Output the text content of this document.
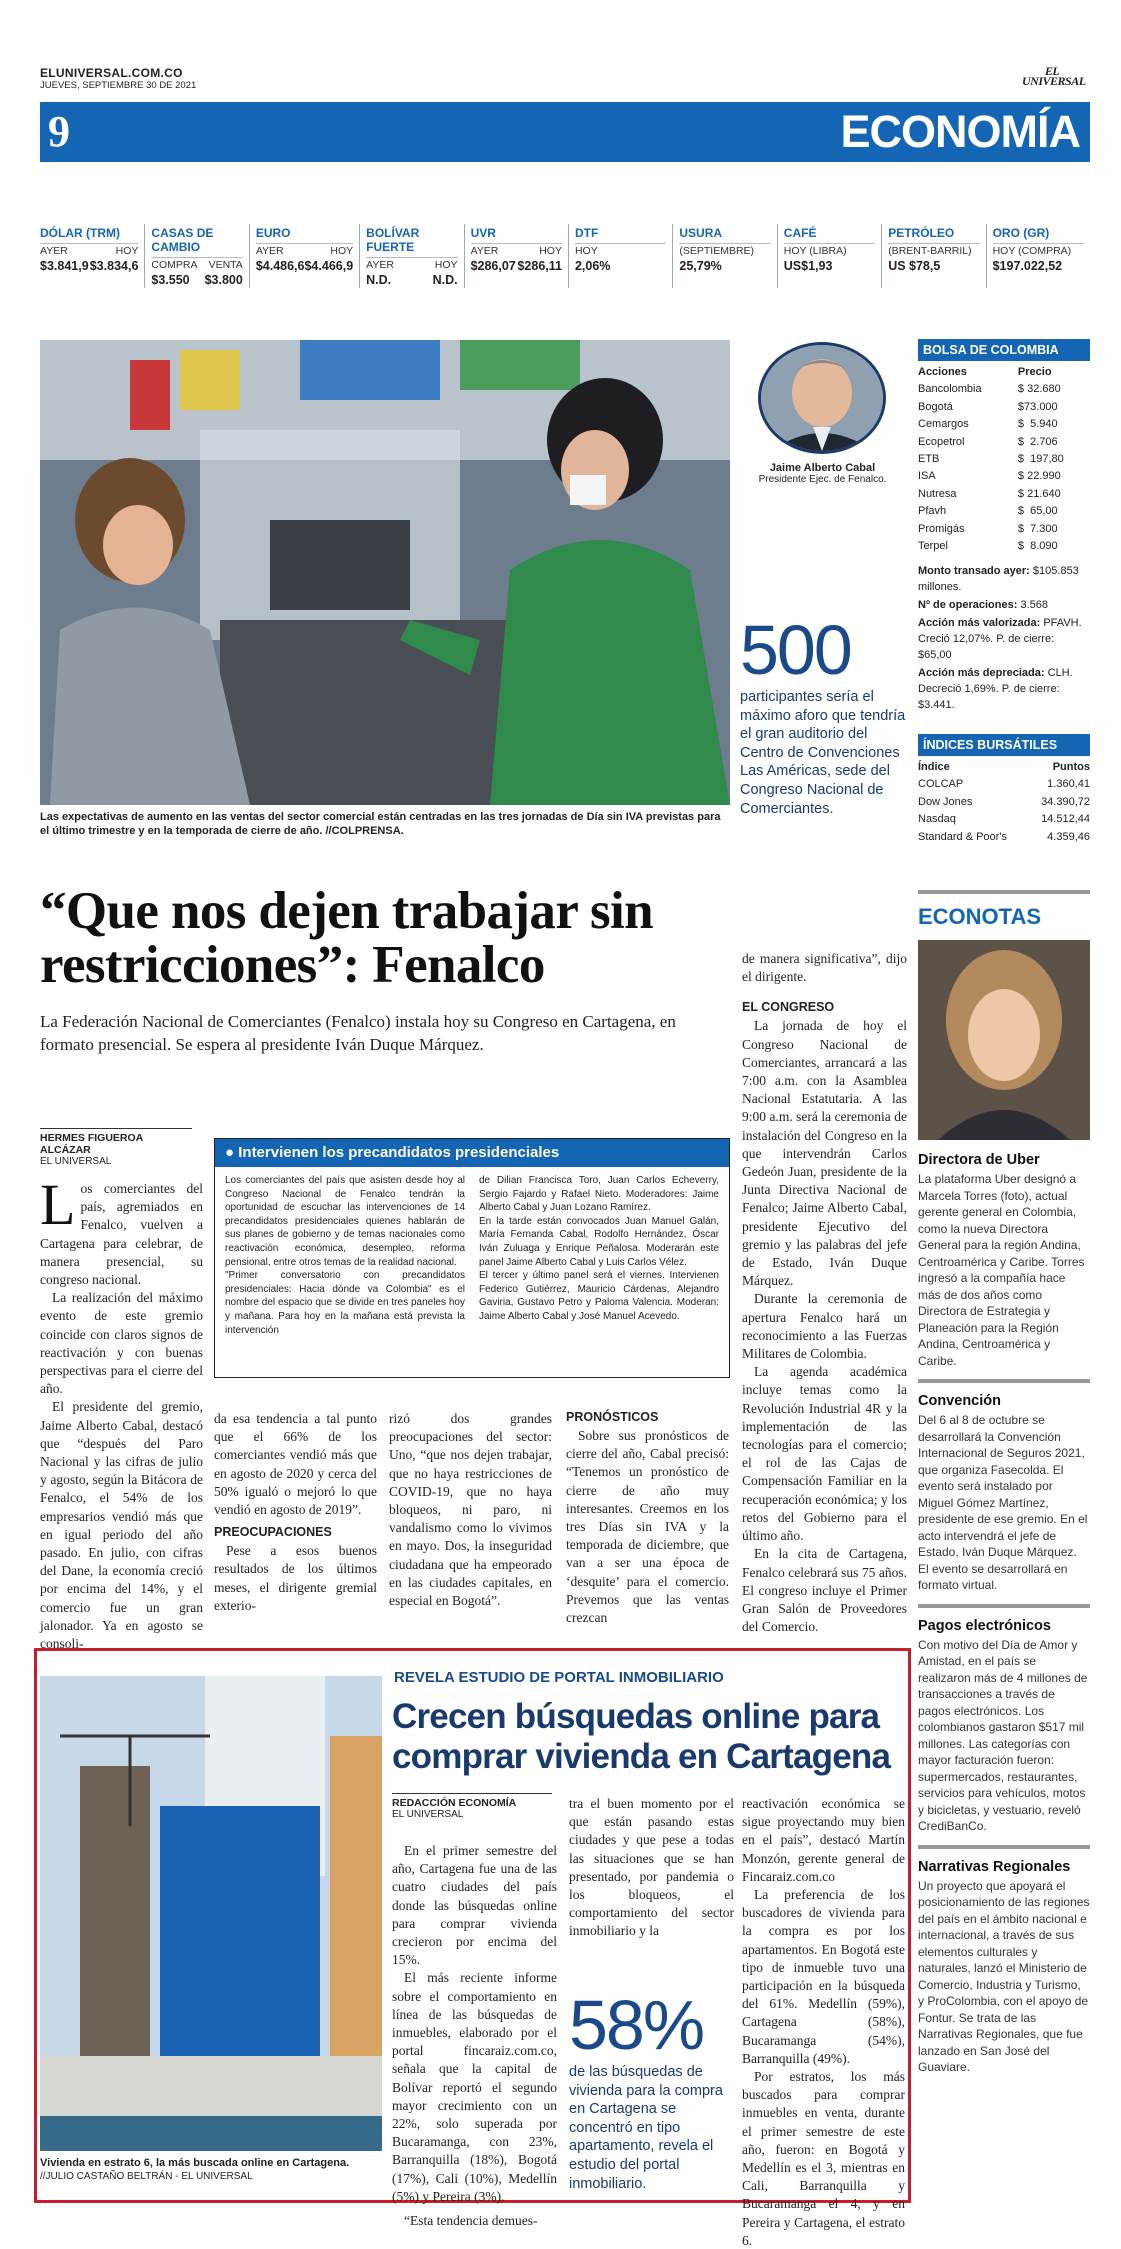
ELUNIVERSAL.COM.CO
JUEVES, SEPTIEMBRE 30 DE 2021
EL UNIVERSAL
9	ECONOMÍA
DÓLAR (TRM)
AYER	HOY
$3.841,9 $3.834,6
CASAS DE CAMBIO
COMPRA VENTA
$3.550 $3.800
EURO
AYER	HOY
$4.486,6 $4.466,9
BOLÍVAR FUERTE
AYER	HOY
N.D.	N.D.
UVR
AYER	HOY
$286,07 $286,11
DTF
HOY
2,06%
USURA
(SEPTIEMBRE)
25,79%
CAFÉ
HOY (LIBRA)
US$1,93
PETRÓLEO
(BRENT-BARRIL)
US $78,5
ORO (GR)
HOY (COMPRA)
$197.022,52
Las expectativas de aumento en las ventas del sector comercial están centradas en las tres jornadas de Día sin IVA previstas para el último trimestre y en la temporada de cierre de año. //COLPRENSA.
Jaime Alberto Cabal
Presidente Ejec. de Fenalco.
500
participantes sería el máximo aforo que tendría el gran auditorio del Centro de Convenciones Las Américas, sede del Congreso Nacional de Comerciantes.
BOLSA DE COLOMBIA
Acciones	Precio
Bancolombia	$ 32.680
Bogotá	$73.000
Cemargos	$  5.940
Ecopetrol	$  2.706
ETB	$  197,80
ISA	$ 22.990
Nutresa	$ 21.640
Pfavh	$  65,00
Promigás	$  7.300
Terpel	$  8.090
Monto transado ayer: $105.853 millones.
Nº de operaciones: 3.568
Acción más valorizada: PFAVH. Creció 12,07%. P. de cierre: $65,00
Acción más depreciada: CLH. Decreció 1,69%. P. de cierre: $3.441.
ÍNDICES BURSÁTILES
Índice	Puntos
COLCAP	1.360,41
Dow Jones	34.390,72
Nasdaq	14.512,44
Standard & Poor's	4.359,46
ECONOTAS
Directora de Uber
La plataforma Uber designó a Marcela Torres (foto), actual gerente general en Colombia, como la nueva Directora General para la región Andina, Centroamérica y Caribe. Torres ingresó a la compañía hace más de dos años como Directora de Estrategia y Planeación para la Región Andina, Centroamérica y Caribe.
Convención
Del 6 al 8 de octubre se desarrollará la Convención Internacional de Seguros 2021, que organiza Fasecolda. El evento será instalado por Miguel Gómez Martínez, presidente de ese gremio. En el acto intervendrá el jefe de Estado, Iván Duque Márquez. El evento se desarrollará en formato virtual.
Pagos electrónicos
Con motivo del Día de Amor y Amistad, en el país se realizaron más de 4 millones de transacciones a través de pagos electrónicos. Los colombianos gastaron $517 mil millones. Las categorías con mayor facturación fueron: supermercados, restaurantes, servicios para vehículos, motos y bicicletas, y vestuario, reveló CrediBanCo.
Narrativas Regionales
Un proyecto que apoyará el posicionamiento de las regiones del país en el ámbito nacional e internacional, a través de sus elementos culturales y naturales, lanzó el Ministerio de Comercio, Industria y Turismo, y ProColombia, con el apoyo de Fontur. Se trata de las Narrativas Regionales, que fue lanzado en San José del Guaviare.
“Que nos dejen trabajar sin restricciones”: Fenalco
La Federación Nacional de Comerciantes (Fenalco) instala hoy su Congreso en Cartagena, en formato presencial. Se espera al presidente Iván Duque Márquez.
HERMES FIGUEROA ALCÁZAR
EL UNIVERSAL

Los comerciantes del país, agremiados en Fenalco, vuelven a Cartagena para celebrar, de manera presencial, su congreso nacional.

La realización del máximo evento de este gremio coincide con claros signos de reactivación y con buenas perspectivas para el cierre del año.

El presidente del gremio, Jaime Alberto Cabal, destacó que “después del Paro Nacional y las cifras de julio y agosto, según la Bitácora de Fenalco, el 54% de los empresarios vendió más que en igual periodo del año pasado. En julio, con cifras del Dane, la economía creció por encima del 14%, y el comercio fue un gran jalonador. Ya en agosto se consoli-

● Intervienen los precandidatos presidenciales
Los comerciantes del país que asisten desde hoy al Congreso Nacional de Fenalco tendrán la oportunidad de escuchar las intervenciones de 14 precandidatos presidenciales quienes hablarán de sus planes de gobierno y de temas nacionales como reactivación económica, desempleo, reforma pensional, entre otros temas de la realidad nacional.
"Primer conversatorio con precandidatos presidenciales: Hacia dónde va Colombia" es el nombre del espacio que se divide en tres paneles hoy y mañana. Para hoy en la mañana está prevista la intervención
de Dilian Francisca Toro, Juan Carlos Echeverry, Sergio Fajardo y Rafael Nieto. Moderadores: Jaime Alberto Cabal y Juan Lozano Ramírez.
En la tarde están convocados Juan Manuel Galán, María Fernanda Cabal, Rodolfo Hernández, Óscar Iván Zuluaga y Enrique Peñalosa. Moderarán este panel Jaime Alberto Cabal y Luis Carlos Vélez.
El tercer y último panel será el viernes. Intervienen Federico Gutiérrez, Mauricio Cárdenas, Alejandro Gaviria, Gustavo Petro y Paloma Valencia. Moderan: Jaime Alberto Cabal y José Manuel Acevedo.

da esa tendencia a tal punto que el 66% de los comerciantes vendió más que en agosto de 2020 y cerca del 50% igualó o mejoró lo que vendió en agosto de 2019”.

PREOCUPACIONES

Pese a esos buenos resultados de los últimos meses, el dirigente gremial exterio-

rizó dos grandes preocupaciones del sector: Uno, “que nos dejen trabajar, que no haya restricciones de COVID-19, que no haya bloqueos, ni paro, ni vandalismo como lo vivimos en mayo. Dos, la inseguridad ciudadana que ha empeorado en las ciudades capitales, en especial en Bogotá”.

PRONÓSTICOS

Sobre sus pronósticos de cierre del año, Cabal precisó: “Tenemos un pronóstico de cierre de año muy interesantes. Creemos en los tres Días sin IVA y la temporada de diciembre, que van a ser una época de ‘desquite’ para el comercio. Prevemos que las ventas crezcan

de manera significativa”, dijo el dirigente.

EL CONGRESO

La jornada de hoy el Congreso Nacional de Comerciantes, arrancará a las 7:00 a.m. con la Asamblea Nacional Estatutaria. A las 9:00 a.m. será la ceremonia de instalación del Congreso en la que intervendrán Carlos Gedeón Juan, presidente de la Junta Directiva Nacional de Fenalco; Jaime Alberto Cabal, presidente Ejecutivo del gremio y las palabras del jefe de Estado, Iván Duque Márquez.

Durante la ceremonia de apertura Fenalco hará un reconocimiento a las Fuerzas Militares de Colombia.

La agenda académica incluye temas como la Revolución Industrial 4R y la implementación de las tecnologías para el comercio; el rol de las Cajas de Compensación Familiar en la recuperación económica; y los retos del Gobierno para el último año.

En la cita de Cartagena, Fenalco celebrará sus 75 años. El congreso incluye el Primer Gran Salón de Proveedores del Comercio.

Vivienda en estrato 6, la más buscada online en Cartagena.
//JULIO CASTAÑO BELTRÁN - EL UNIVERSAL
REVELA ESTUDIO DE PORTAL INMOBILIARIO
Crecen búsquedas online para comprar vivienda en Cartagena
REDACCIÓN ECONOMÍA
EL UNIVERSAL

En el primer semestre del año, Cartagena fue una de las cuatro ciudades del país donde las búsquedas online para comprar vivienda crecieron por encima del 15%.

El más reciente informe sobre el comportamiento en línea de las búsquedas de inmuebles, elaborado por el portal fincaraiz.com.co, señala que la capital de Bolívar reportó el segundo mayor crecimiento con un 22%, solo superada por Bucaramanga, con 23%, Barranquilla (18%), Bogotá (17%), Cali (10%), Medellín (5%) y Pereira (3%).

“Esta tendencia demues-

tra el buen momento por el que están pasando estas ciudades y que pese a todas las situaciones que se han presentado, por pandemia o los bloqueos, el comportamiento del sector inmobiliario y la

58%
de las búsquedas de vivienda para la compra en Cartagena se concentró en tipo apartamento, revela el estudio del portal inmobiliario.

reactivación económica se sigue proyectando muy bien en el país”, destacó Martín Monzón, gerente general de Fincaraiz.com.co

La preferencia de los buscadores de vivienda para la compra es por los apartamentos. En Bogotá este tipo de inmueble tuvo una participación en la búsqueda del 61%. Medellín (59%), Cartagena (58%), Bucaramanga (54%), Barranquilla (49%).

Por estratos, los más buscados para comprar inmuebles en venta, durante el primer semestre de este año, fueron: en Bogotá y Medellín es el 3, mientras en Cali, Barranquilla y Bucaramanga el 4, y en Pereira y Cartagena, el estrato 6.
